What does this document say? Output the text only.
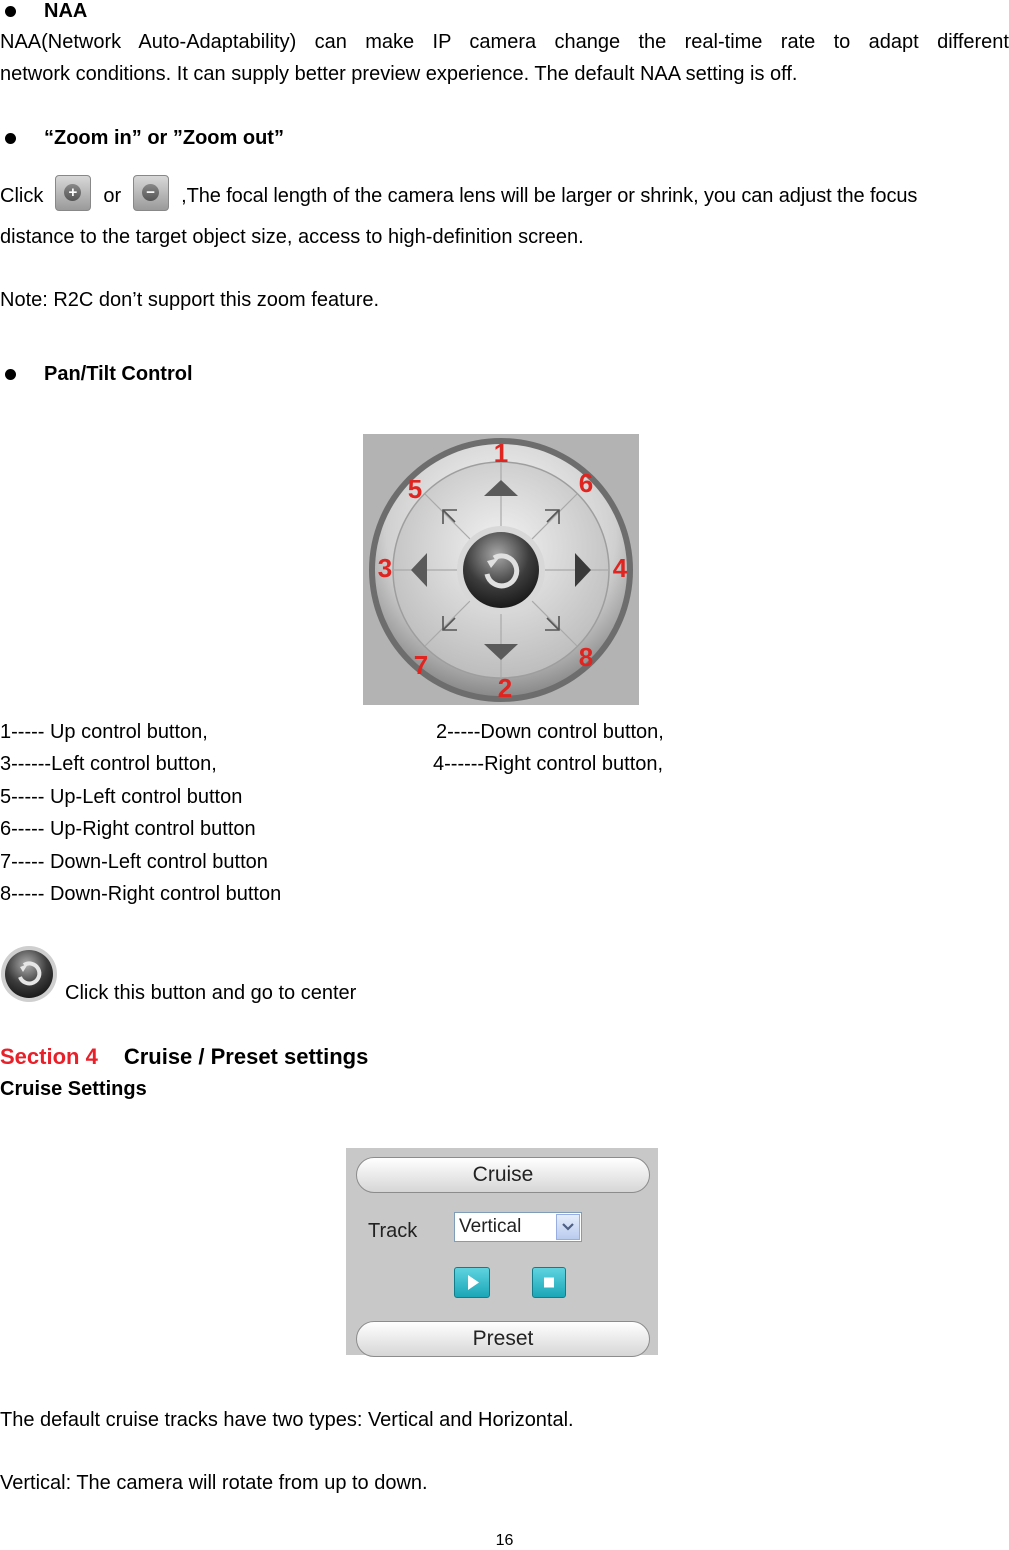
NAA
NAA(Network Auto-Adaptability) can make IP camera change the real-time rate to adapt different
network conditions. It can supply better preview experience. The default NAA setting is off.
“Zoom in” or ”Zoom out”
Click + or − ,The focal length of the camera lens will be larger or shrink, you can adjust the focus
distance to the target object size, access to high-definition screen.
Note: R2C don’t support this zoom feature.
Pan/Tilt Control
1
2
3	4
5	6
7	8
1----- Up control button,	2-----Down control button,
3------Left control button,	4------Right control button,
5----- Up-Left control button
6----- Up-Right control button
7----- Down-Left control button
8----- Down-Right control button
Click this button and go to center
Section 4 Cruise / Preset settings
Cruise Settings
Cruise
Track Vertical
Preset
The default cruise tracks have two types: Vertical and Horizontal.
Vertical: The camera will rotate from up to down.
16
